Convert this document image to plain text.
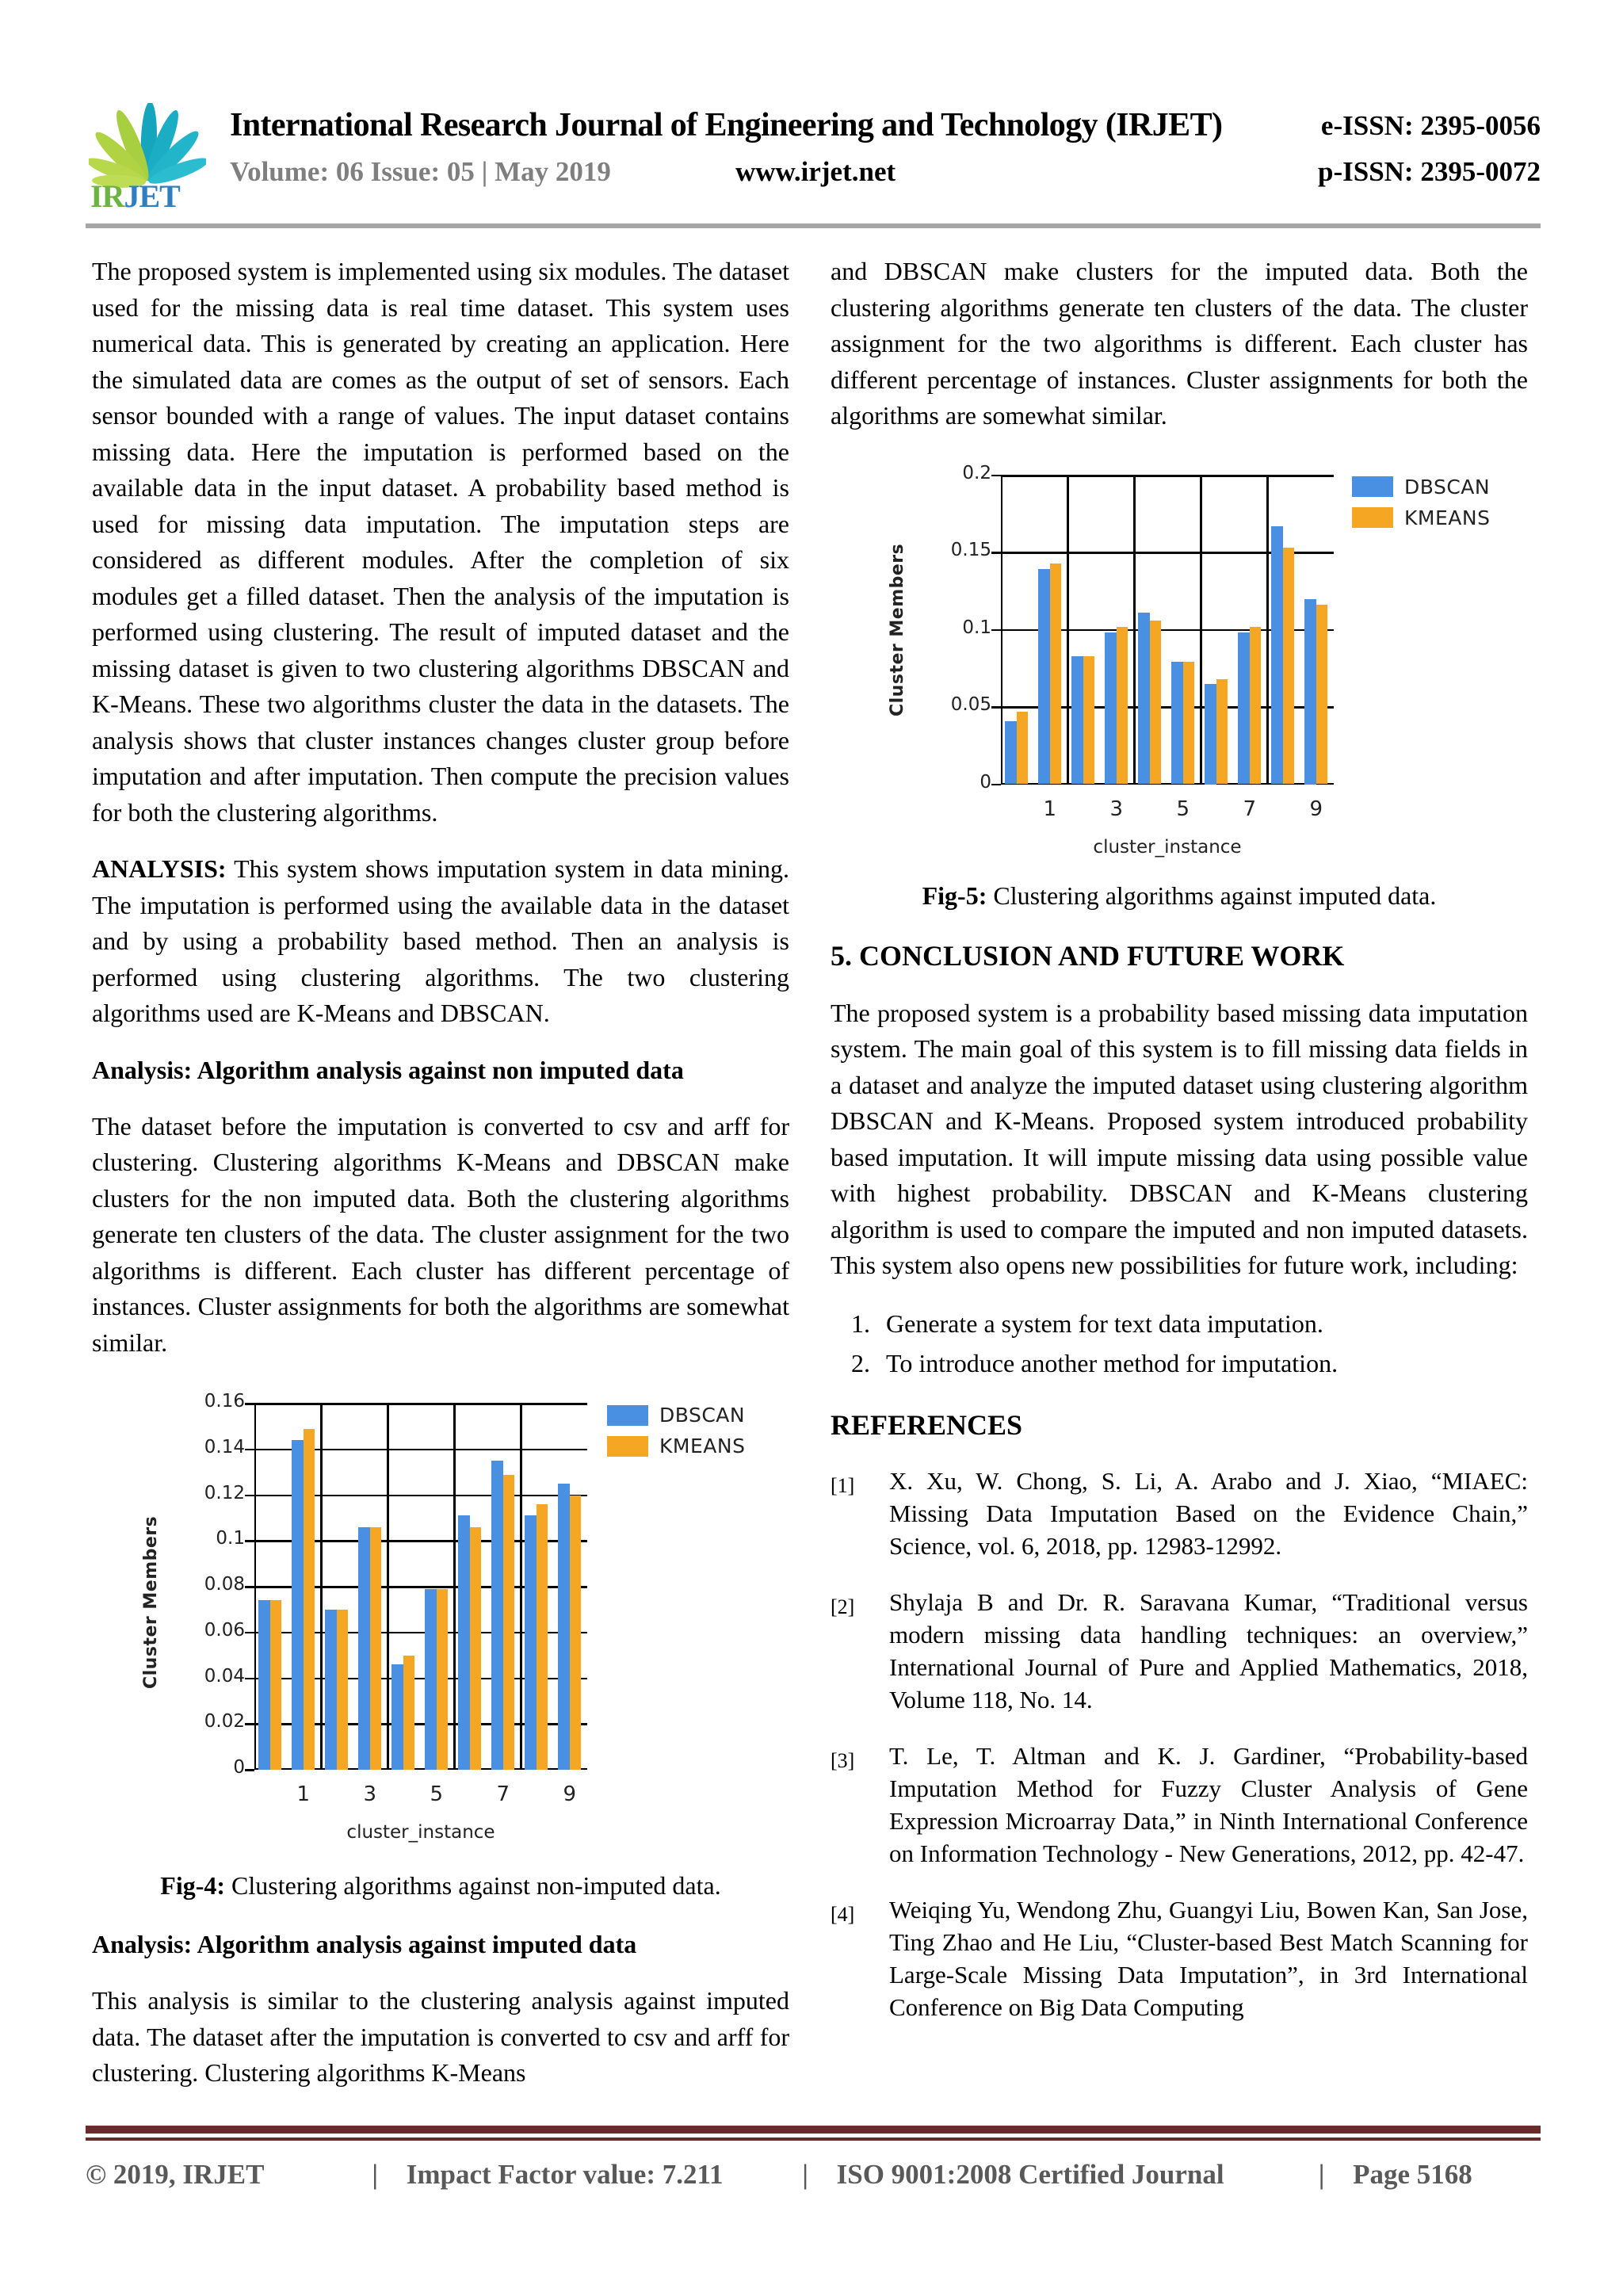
IRJET
International Research Journal of Engineering and Technology (IRJET)	e-ISSN: 2395-0056
Volume: 06 Issue: 05 | May 2019	www.irjet.net	p-ISSN: 2395-0072

The proposed system is implemented using six modules. The dataset used for the missing data is real time dataset. This system uses numerical data. This is generated by creating an application. Here the simulated data are comes as the output of set of sensors. Each sensor bounded with a range of values. The input dataset contains missing data. Here the imputation is performed based on the available data in the input dataset. A probability based method is used for missing data imputation. The imputation steps are considered as different modules. After the completion of six modules get a filled dataset. Then the analysis of the imputation is performed using clustering. The result of imputed dataset and the missing dataset is given to two clustering algorithms DBSCAN and K-Means. These two algorithms cluster the data in the datasets. The analysis shows that cluster instances changes cluster group before imputation and after imputation. Then compute the precision values for both the clustering algorithms.

ANALYSIS: This system shows imputation system in data mining. The imputation is performed using the available data in the dataset and by using a probability based method. Then an analysis is performed using clustering algorithms. The two clustering algorithms used are K-Means and DBSCAN.

Analysis: Algorithm analysis against non imputed data

The dataset before the imputation is converted to csv and arff for clustering. Clustering algorithms K-Means and DBSCAN make clusters for the non imputed data. Both the clustering algorithms generate ten clusters of the data. The cluster assignment for the two algorithms is different. Each cluster has different percentage of instances. Cluster assignments for both the algorithms are somewhat similar.

0
0.02
0.04
0.06
0.08
0.1
0.12
0.14
0.16
1	3	5	7	9
cluster_instance
Cluster Members
DBSCAN
KMEANS

Fig-4: Clustering algorithms against non-imputed data.

Analysis: Algorithm analysis against imputed data

This analysis is similar to the clustering analysis against imputed data. The dataset after the imputation is converted to csv and arff for clustering. Clustering algorithms K-Means

and DBSCAN make clusters for the imputed data. Both the clustering algorithms generate ten clusters of the data. The cluster assignment for the two algorithms is different. Each cluster has different percentage of instances. Cluster assignments for both the algorithms are somewhat similar.

0
0.05
0.1
0.15
0.2
1	3	5	7	9
cluster_instance
Cluster Members
DBSCAN
KMEANS

Fig-5: Clustering algorithms against imputed data.

5. CONCLUSION AND FUTURE WORK

The proposed system is a probability based missing data imputation system. The main goal of this system is to fill missing data fields in a dataset and analyze the imputed dataset using clustering algorithm DBSCAN and K-Means. Proposed system introduced probability based imputation. It will impute missing data using possible value with highest probability. DBSCAN and K-Means clustering algorithm is used to compare the imputed and non imputed datasets. This system also opens new possibilities for future work, including:

1. Generate a system for text data imputation.
2. To introduce another method for imputation.
REFERENCES
[1]	X. Xu, W. Chong, S. Li, A. Arabo and J. Xiao, “MIAEC: Missing Data Imputation Based on the Evidence Chain,” Science, vol. 6, 2018, pp. 12983-12992.
[2]	Shylaja B and Dr. R. Saravana Kumar, “Traditional versus modern missing data handling techniques: an overview,” International Journal of Pure and Applied Mathematics, 2018, Volume 118, No. 14.
[3]	T. Le, T. Altman and K. J. Gardiner, “Probability-based Imputation Method for Fuzzy Cluster Analysis of Gene Expression Microarray Data,” in Ninth International Conference on Information Technology - New Generations, 2012, pp. 42-47.
[4]	Weiqing Yu, Wendong Zhu, Guangyi Liu, Bowen Kan, San Jose, Ting Zhao and He Liu, “Cluster-based Best Match Scanning for Large-Scale Missing Data Imputation”, in 3rd International Conference on Big Data Computing
© 2019, IRJET	|	Impact Factor value: 7.211	|	ISO 9001:2008 Certified Journal	|	Page 5168
